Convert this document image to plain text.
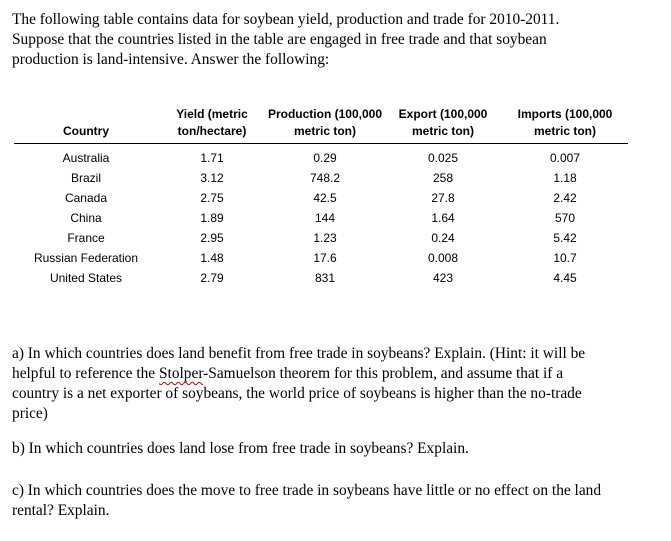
The following table contains data for soybean yield, production and trade for 2010-2011.

Suppose that the countries listed in the table are engaged in free trade and that soybean

production is land-intensive. Answer the following:

Country	Yield (metric ton/hectare)	Production (100,000 metric ton)	Export (100,000 metric ton)	Imports (100,000 metric ton)
Australia	1.71	0.29	0.025	0.007
Brazil	3.12	748.2	258	1.18
Canada	2.75	42.5	27.8	2.42
China	1.89	144	1.64	570
France	2.95	1.23	0.24	5.42
Russian Federation	1.48	17.6	0.008	10.7
United States	2.79	831	423	4.45
a) In which countries does land benefit from free trade in soybeans? Explain. (Hint: it will be
helpful to reference the Stolper-Samuelson theorem for this problem, and assume that if a
country is a net exporter of soybeans, the world price of soybeans is higher than the no-trade
price)
b) In which countries does land lose from free trade in soybeans? Explain.
c) In which countries does the move to free trade in soybeans have little or no effect on the land
rental? Explain.
